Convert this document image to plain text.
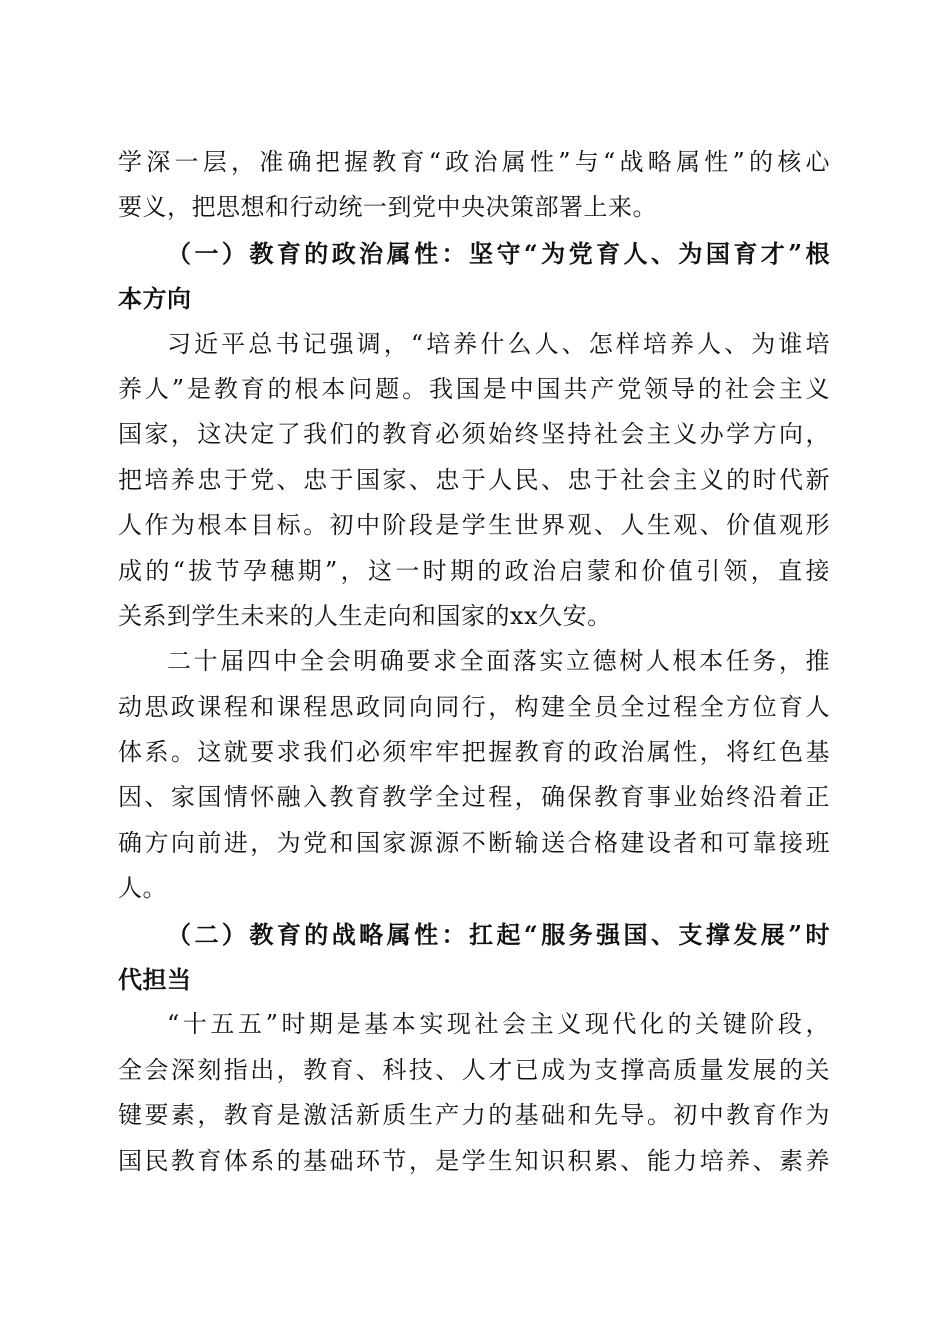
学深一层，准确把握教育“政治属性”与“战略属性”的核心
要义，把思想和行动统一到党中央决策部署上来。
（一）教育的政治属性：坚守“为党育人、为国育才”根
本方向
习近平总书记强调，“培养什么人、怎样培养人、为谁培
养人”是教育的根本问题。我国是中国共产党领导的社会主义
国家，这决定了我们的教育必须始终坚持社会主义办学方向，
把培养忠于党、忠于国家、忠于人民、忠于社会主义的时代新
人作为根本目标。初中阶段是学生世界观、人生观、价值观形
成的“拔节孕穗期”，这一时期的政治启蒙和价值引领，直接
关系到学生未来的人生走向和国家的xx久安。
二十届四中全会明确要求全面落实立德树人根本任务，推
动思政课程和课程思政同向同行，构建全员全过程全方位育人
体系。这就要求我们必须牢牢把握教育的政治属性，将红色基
因、家国情怀融入教育教学全过程，确保教育事业始终沿着正
确方向前进，为党和国家源源不断输送合格建设者和可靠接班
人。
（二）教育的战略属性：扛起“服务强国、支撑发展”时
代担当
“十五五”时期是基本实现社会主义现代化的关键阶段，
全会深刻指出，教育、科技、人才已成为支撑高质量发展的关
键要素，教育是激活新质生产力的基础和先导。初中教育作为
国民教育体系的基础环节，是学生知识积累、能力培养、素养
